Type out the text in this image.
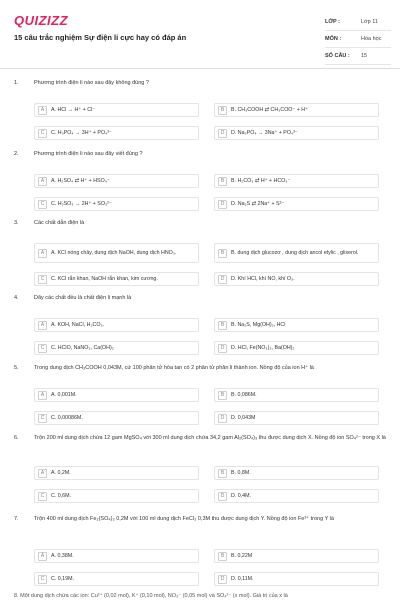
QUIZIZZ
15 câu trắc nghiệm Sự điện li cực hay có đáp án
LỚP :	Lớp 11
MÔN :	Hóa học
SỐ CÂU :	15
1.	Phương trình điện li nào sau đây không đúng ?
A	A. HCl → H⁺ + Cl⁻	B	B. CH₃COOH ⇄ CH₃COO⁻ + H⁺
C	C. H₃PO₄ → 3H⁺ + PO₄³⁻	D	D. Na₃PO₄ → 3Na⁺ + PO₄³⁻
2.	Phương trình điện li nào sau đây viết đúng ?
A	A. H₂SO₄ ⇄ H⁺ + HSO₄⁻	B	B. H₂CO₃ ⇄ H⁺ + HCO₃⁻
C	C. H₂SO₃ → 2H⁺ + SO₃²⁻	D	D. Na₂S ⇄ 2Na⁺ + S²⁻
3.	Các chất dẫn điện là
A	A. KCl nóng chảy, dung dịch NaOH, dung dịch HNO₃.	B	B. dung dịch glucozơ , dung dịch ancol etylic , glixerol.
C	C. KCl rắn khan, NaOH rắn khan, kim cương.	D	D. Khí HCl, khí NO, khí O₃.
4.	Dãy các chất đều là chất điện li mạnh là
A	A. KOH, NaCl, H₂CO₃.	B	B. Na₂S, Mg(OH)₂, HCl
C	C. HClO, NaNO₃, Ca(OH)₂	D	D. HCl, Fe(NO₃)₃, Ba(OH)₂
5.	Trong dung dịch CH₃COOH 0,043M, cứ 100 phân tử hòa tan có 2 phân tử phân li thành ion. Nồng độ của ion H⁺ là
A	A. 0,001M.	B	B. 0,086M.
C	C. 0,00086M.	D	D. 0,043M
6.	Trộn 200 ml dung dịch chứa 12 gam MgSO₄ với 300 ml dung dịch chứa 34,2 gam Al₂(SO₄)₃ thu được dung dịch X. Nồng độ ion SO₄²⁻ trong X là
A	A. 0,2M.	B	B. 0,8M.
C	C. 0,6M.	D	D. 0,4M.
7.	Trộn 400 ml dung dịch Fe₂(SO₄)₃ 0,2M với 100 ml dung dịch FeCl₃ 0,3M thu được dung dịch Y. Nồng độ ion Fe³⁺ trong Y là
A	A. 0,38M.	B	B. 0,22M
C	C. 0,19M.	D	D. 0,11M.
8. Một dung dịch chứa các ion: Cu²⁺ (0,02 mol), K⁺ (0,10 mol), NO₃⁻ (0,05 mol) và SO₄²⁻ (x mol). Giá trị của x là
